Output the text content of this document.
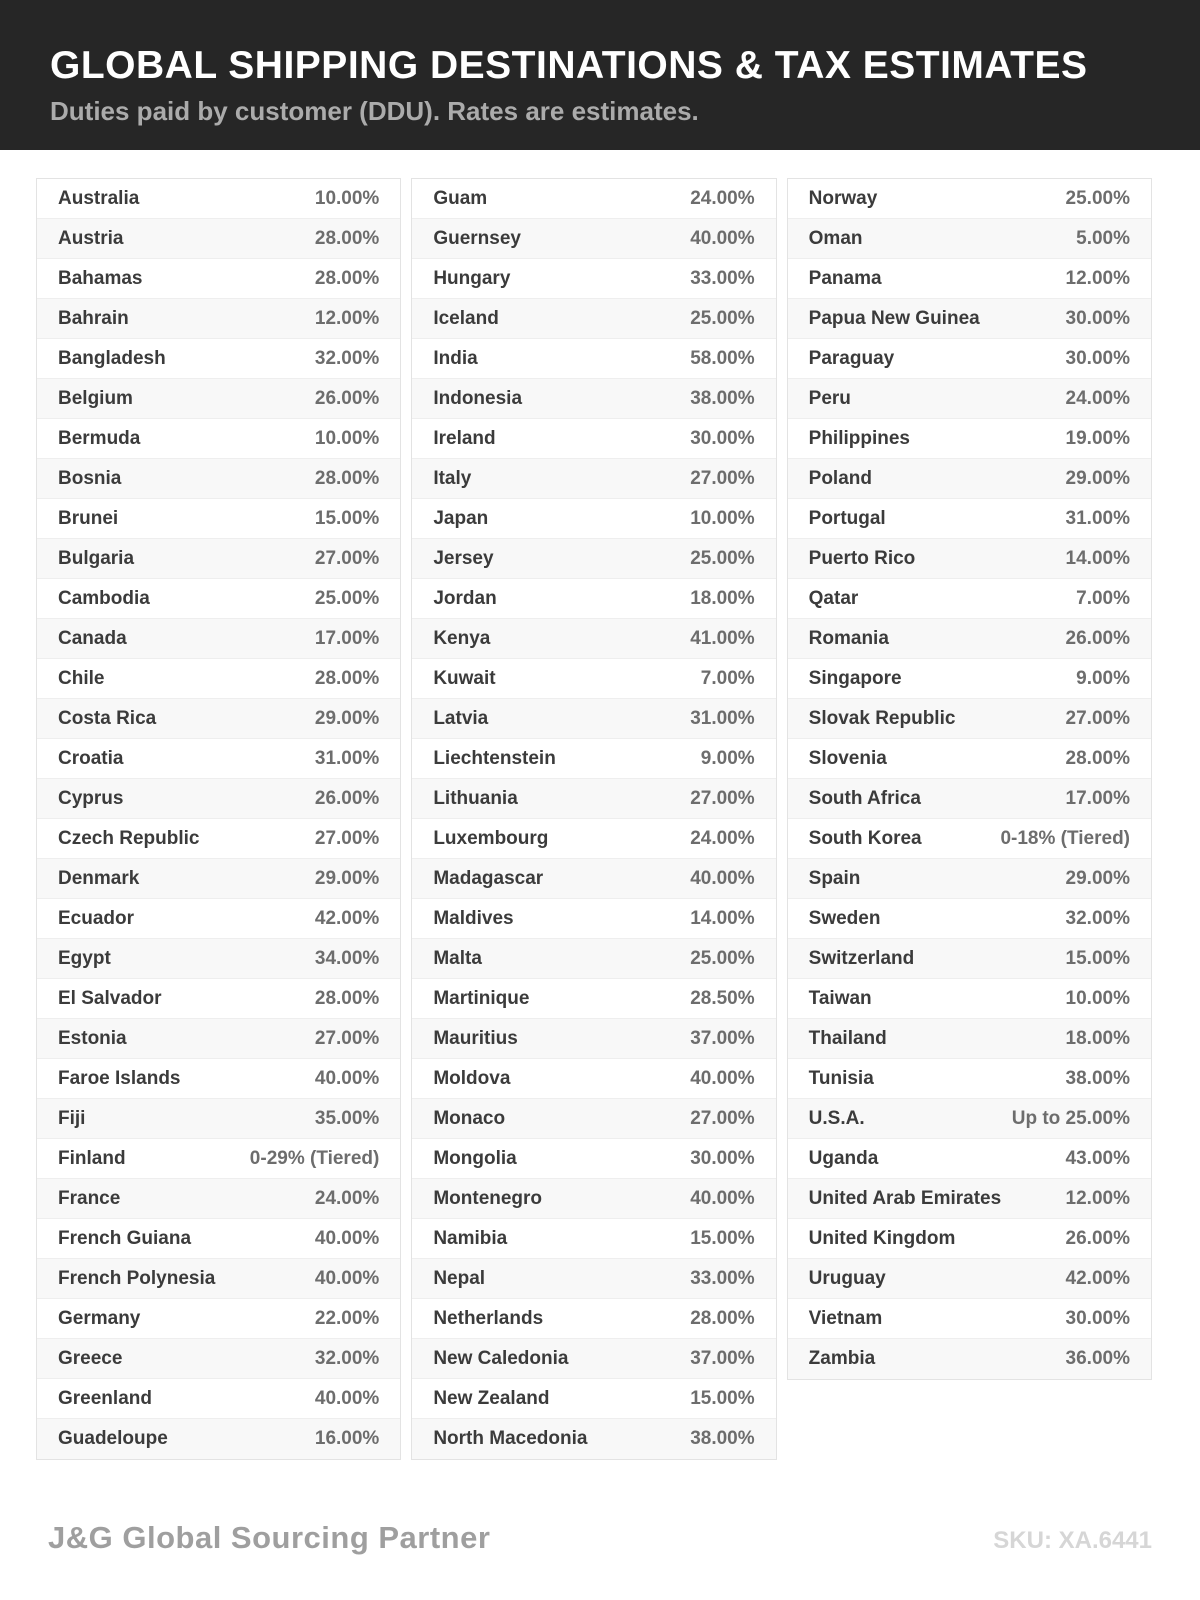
GLOBAL SHIPPING DESTINATIONS & TAX ESTIMATES
Duties paid by customer (DDU). Rates are estimates.
Australia	10.00%
Austria	28.00%
Bahamas	28.00%
Bahrain	12.00%
Bangladesh	32.00%
Belgium	26.00%
Bermuda	10.00%
Bosnia	28.00%
Brunei	15.00%
Bulgaria	27.00%
Cambodia	25.00%
Canada	17.00%
Chile	28.00%
Costa Rica	29.00%
Croatia	31.00%
Cyprus	26.00%
Czech Republic	27.00%
Denmark	29.00%
Ecuador	42.00%
Egypt	34.00%
El Salvador	28.00%
Estonia	27.00%
Faroe Islands	40.00%
Fiji	35.00%
Finland	0-29% (Tiered)
France	24.00%
French Guiana	40.00%
French Polynesia	40.00%
Germany	22.00%
Greece	32.00%
Greenland	40.00%
Guadeloupe	16.00%
Guam	24.00%
Guernsey	40.00%
Hungary	33.00%
Iceland	25.00%
India	58.00%
Indonesia	38.00%
Ireland	30.00%
Italy	27.00%
Japan	10.00%
Jersey	25.00%
Jordan	18.00%
Kenya	41.00%
Kuwait	7.00%
Latvia	31.00%
Liechtenstein	9.00%
Lithuania	27.00%
Luxembourg	24.00%
Madagascar	40.00%
Maldives	14.00%
Malta	25.00%
Martinique	28.50%
Mauritius	37.00%
Moldova	40.00%
Monaco	27.00%
Mongolia	30.00%
Montenegro	40.00%
Namibia	15.00%
Nepal	33.00%
Netherlands	28.00%
New Caledonia	37.00%
New Zealand	15.00%
North Macedonia	38.00%
Norway	25.00%
Oman	5.00%
Panama	12.00%
Papua New Guinea	30.00%
Paraguay	30.00%
Peru	24.00%
Philippines	19.00%
Poland	29.00%
Portugal	31.00%
Puerto Rico	14.00%
Qatar	7.00%
Romania	26.00%
Singapore	9.00%
Slovak Republic	27.00%
Slovenia	28.00%
South Africa	17.00%
South Korea	0-18% (Tiered)
Spain	29.00%
Sweden	32.00%
Switzerland	15.00%
Taiwan	10.00%
Thailand	18.00%
Tunisia	38.00%
U.S.A.	Up to 25.00%
Uganda	43.00%
United Arab Emirates	12.00%
United Kingdom	26.00%
Uruguay	42.00%
Vietnam	30.00%
Zambia	36.00%
J&G Global Sourcing Partner	SKU: XA.6441
